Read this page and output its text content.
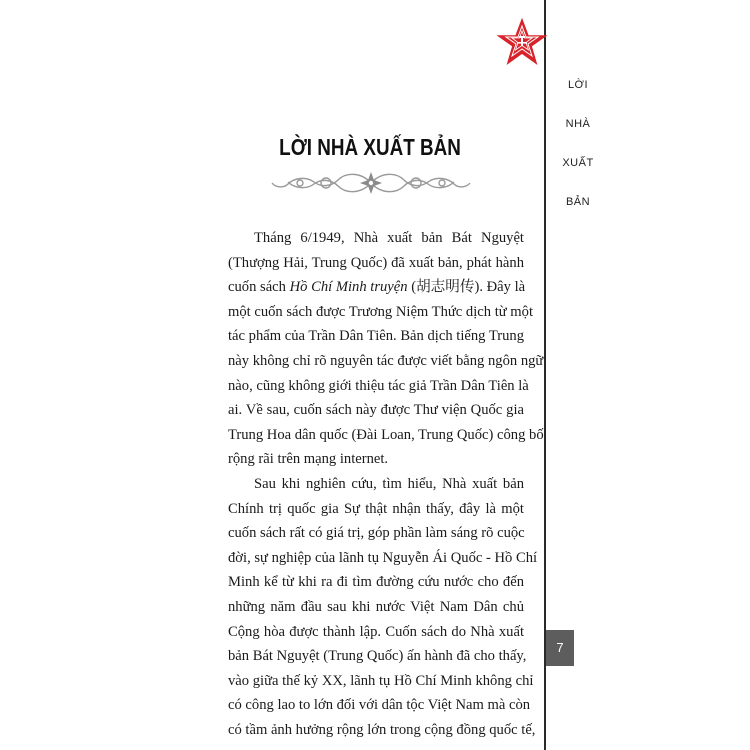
LỜI
NHÀ
XUẤT
BẢN
LỜI NHÀ XUẤT BẢN
Tháng 6/1949, Nhà xuất bản Bát Nguyệt
(Thượng Hải, Trung Quốc) đã xuất bản, phát hành
cuốn sách Hồ Chí Minh truyện (胡志明传). Đây là
một cuốn sách được Trương Niệm Thức dịch từ một
tác phẩm của Trần Dân Tiên. Bản dịch tiếng Trung
này không chỉ rõ nguyên tác được viết bằng ngôn ngữ
nào, cũng không giới thiệu tác giả Trần Dân Tiên là
ai. Về sau, cuốn sách này được Thư viện Quốc gia
Trung Hoa dân quốc (Đài Loan, Trung Quốc) công bố
rộng rãi trên mạng internet.
Sau khi nghiên cứu, tìm hiểu, Nhà xuất bản
Chính trị quốc gia Sự thật nhận thấy, đây là một
cuốn sách rất có giá trị, góp phần làm sáng rõ cuộc
đời, sự nghiệp của lãnh tụ Nguyễn Ái Quốc - Hồ Chí
Minh kể từ khi ra đi tìm đường cứu nước cho đến
những năm đầu sau khi nước Việt Nam Dân chủ
Cộng hòa được thành lập. Cuốn sách do Nhà xuất
bản Bát Nguyệt (Trung Quốc) ấn hành đã cho thấy,
vào giữa thế kỷ XX, lãnh tụ Hồ Chí Minh không chỉ
có công lao to lớn đối với dân tộc Việt Nam mà còn
có tầm ảnh hưởng rộng lớn trong cộng đồng quốc tế,
7
